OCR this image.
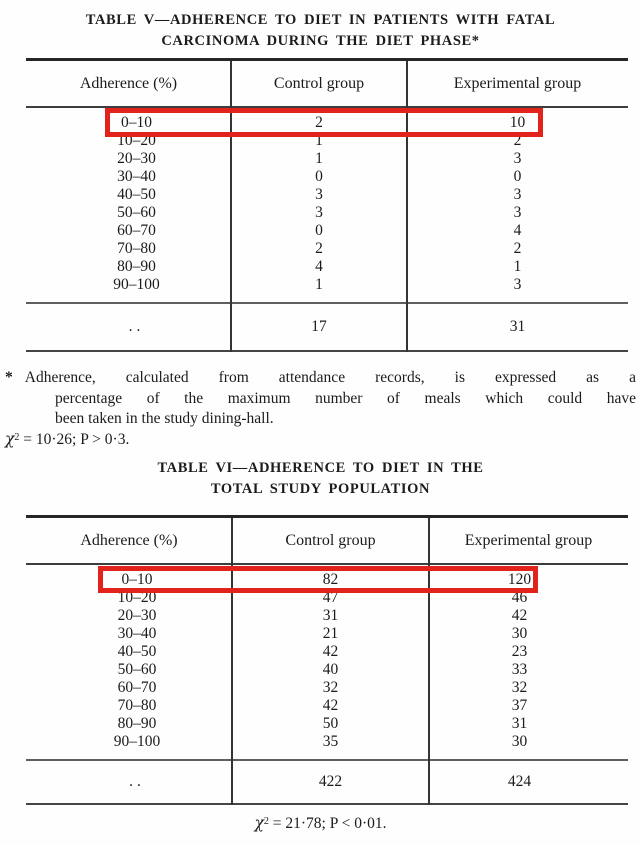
TABLE V—ADHERENCE TO DIET IN PATIENTS WITH FATAL
CARCINOMA DURING THE DIET PHASE*
Adherence (%)	Control group	Experimental group
0–10	2	10
10–20	1	2
20–30	1	3
30–40	0	0
40–50	3	3
50–60	3	3
60–70	0	4
70–80	2	2
80–90	4	1
90–100	1	3
..	17	31
* Adherence, calculated from attendance records, is expressed as a
percentage of the maximum number of meals which could have
been taken in the study dining-hall.
$\chi^2 = 10\cdot 26$; P > 0·3.
TABLE VI—ADHERENCE TO DIET IN THE
TOTAL STUDY POPULATION
Adherence (%)	Control group	Experimental group
0–10	82	120
10–20	47	46
20–30	31	42
30–40	21	30
40–50	42	23
50–60	40	33
60–70	32	32
70–80	42	37
80–90	50	31
90–100	35	30
..	422	424
$\chi^2 = 21\cdot 78$; P < 0·01.
